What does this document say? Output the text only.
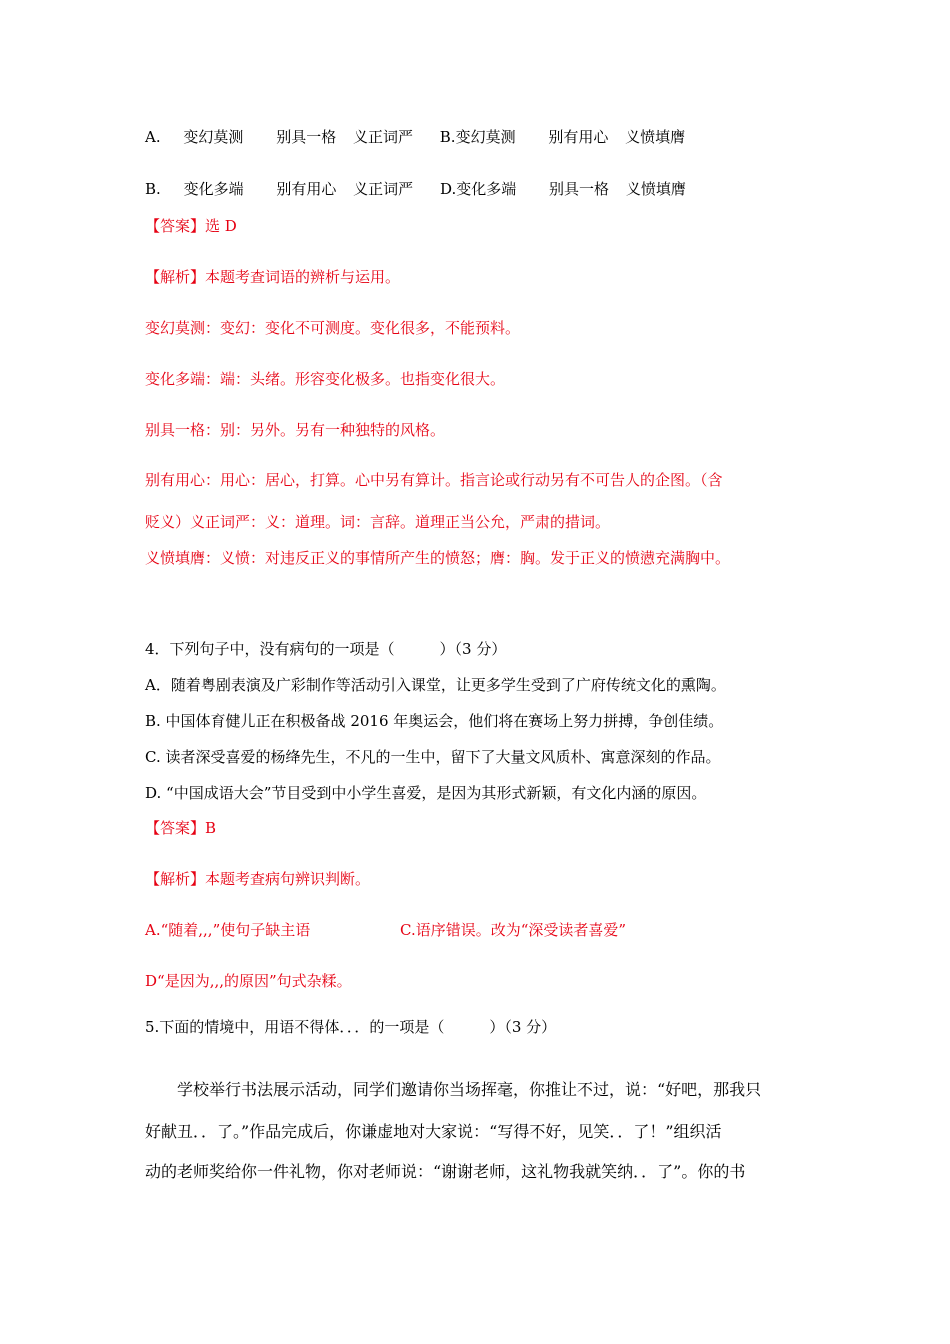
A. 变幻莫测 别具一格 义正词严 B.变幻莫测 别有用心 义愤填膺
B. 变化多端 别有用心 义正词严 D.变化多端 别具一格 义愤填膺
【答案】选 D
【解析】本题考查词语的辨析与运用。
变幻莫测：变幻：变化不可测度。变化很多，不能预料。
变化多端：端：头绪。形容变化极多。也指变化很大。
别具一格：别：另外。另有一种独特的风格。
别有用心：用心：居心，打算。心中另有算计。指言论或行动另有不可告人的企图。（含
贬义）义正词严：义：道理。词：言辞。道理正当公允，严肃的措词。
义愤填膺：义愤：对违反正义的事情所产生的愤怒；膺：胸。发于正义的愤懑充满胸中。
4．下列句子中，没有病句的一项是（　　　）（3 分）
A．随着粤剧表演及广彩制作等活动引入课堂，让更多学生受到了广府传统文化的熏陶。
B. 中国体育健儿正在积极备战 2016 年奥运会，他们将在赛场上努力拼搏，争创佳绩。
C. 读者深受喜爱的杨绛先生，不凡的一生中，留下了大量文风质朴、寓意深刻的作品。
D. “中国成语大会”节目受到中小学生喜爱，是因为其形式新颖，有文化内涵的原因。
【答案】B
【解析】本题考查病句辨识判断。
A.“随着,,,”使句子缺主语	C.语序错误。改为“深受读者喜爱”
D“是因为,,,的原因”句式杂糅。
5.下面的情境中，用语不得体．．．的一项是（　　　）（3 分）
学校举行书法展示活动，同学们邀请你当场挥毫，你推让不过，说：“好吧，那我只
好献丑．．了。”作品完成后，你谦虚地对大家说：“写得不好，见笑．．了！”组织活
动的老师奖给你一件礼物，你对老师说：“谢谢老师，这礼物我就笑纳．．了”。你的书
